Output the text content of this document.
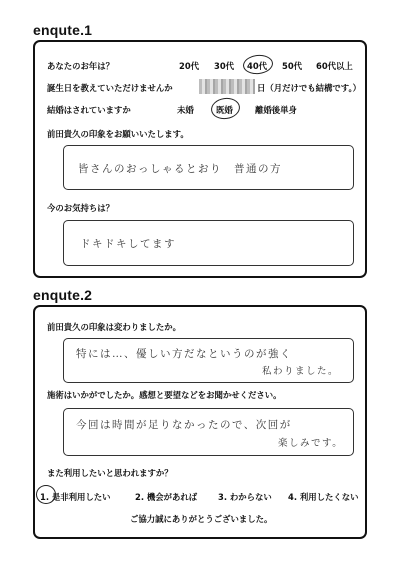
enqute.1
あなたのお年は？	20代 30代 40代 50代 60代以上
誕生日を教えていただけませんか	日（月だけでも結構です。）
結婚はされていますか	未婚	既婚	離婚後単身
前田貴久の印象をお願いいたします。
皆さんのおっしゃるとおり　普通の方
今のお気持ちは？
ドキドキしてます
enqute.2
前田貴久の印象は変わりましたか。
特には…、優しい方だなというのが強く
私わりました。
施術はいかがでしたか。感想と要望などをお聞かせください。
今回は時間が足りなかったので、次回が
楽しみです。
また利用したいと思われますか？
1. 是非利用したい	2. 機会があれば 3. わからない 4. 利用したくない
ご協力誠にありがとうございました。
